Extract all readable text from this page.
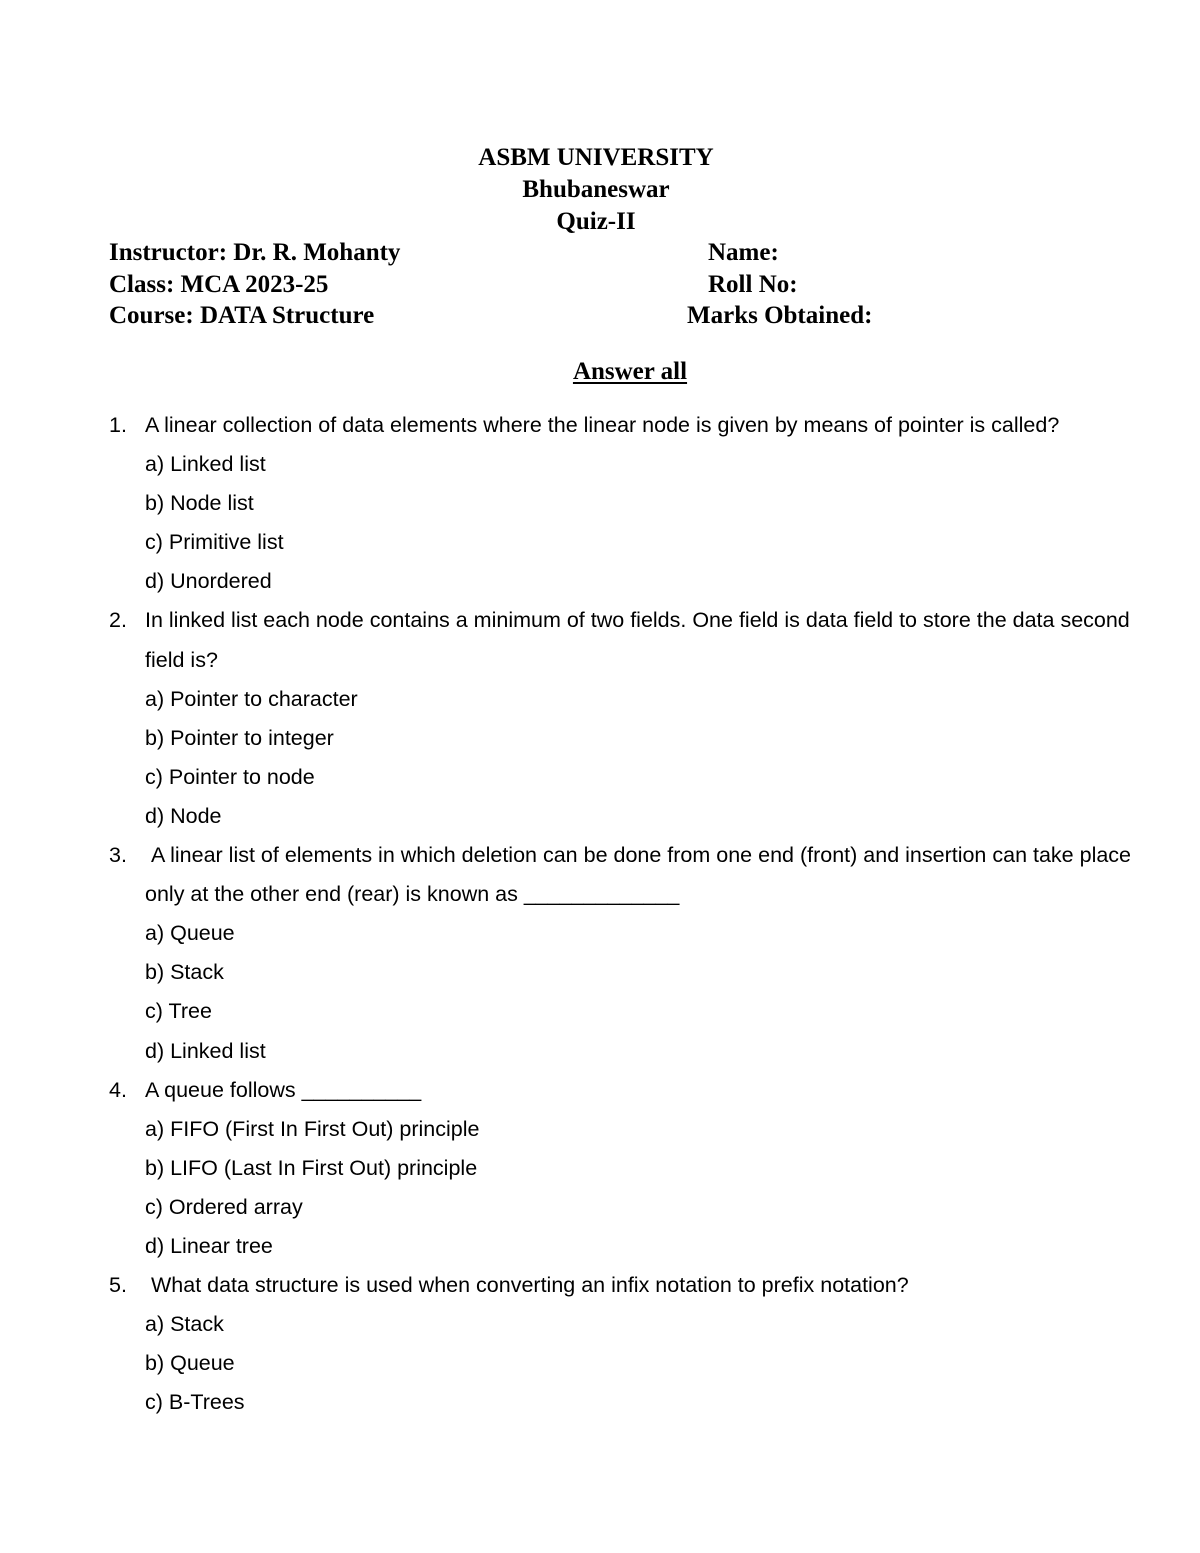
ASBM UNIVERSITY
Bhubaneswar
Quiz-II
Instructor: Dr. R. Mohanty
Class: MCA 2023-25
Course: DATA Structure
Name:
Roll No:
Marks Obtained:
Answer all
1. A linear collection of data elements where the linear node is given by means of pointer is called?
a) Linked list
b) Node list
c) Primitive list
d) Unordered
2. In linked list each node contains a minimum of two fields. One field is data field to store the data second field is?
a) Pointer to character
b) Pointer to integer
c) Pointer to node
d) Node
3. A linear list of elements in which deletion can be done from one end (front) and insertion can take place only at the other end (rear) is known as _____________
a) Queue
b) Stack
c) Tree
d) Linked list
4. A queue follows __________
a) FIFO (First In First Out) principle
b) LIFO (Last In First Out) principle
c) Ordered array
d) Linear tree
5. What data structure is used when converting an infix notation to prefix notation?
a) Stack
b) Queue
c) B-Trees
